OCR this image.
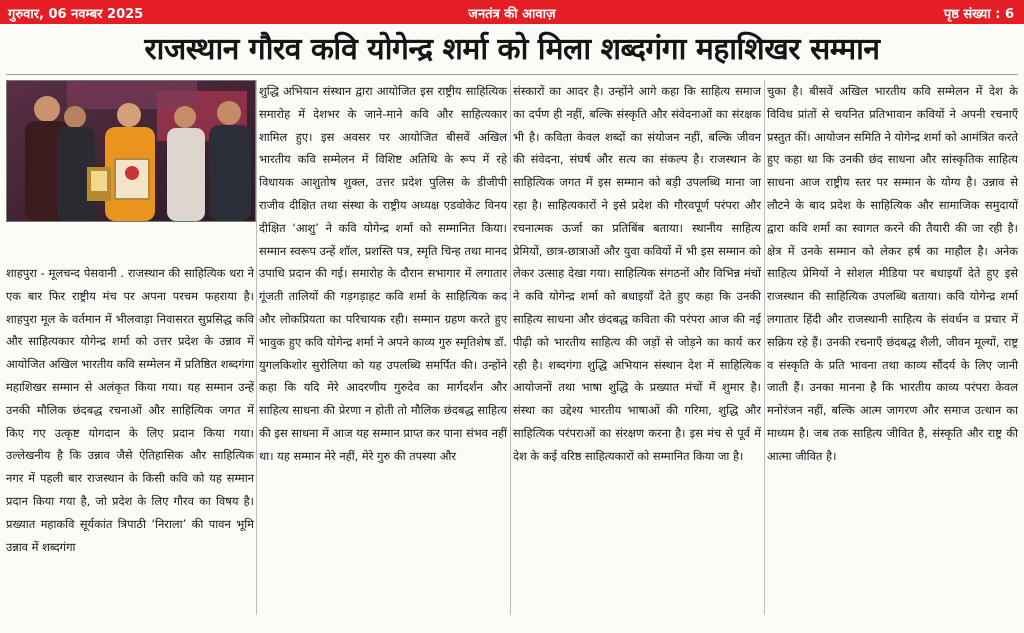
जनतंत्र की आवाज़
गुरुवार, 06 नवम्बर 2025	पृष्ठ संख्या : 6
राजस्थान गौरव कवि योगेन्द्र शर्मा को मिला शब्दगंगा महाशिखर सम्मान
शाहपुरा - मूलचन्द पेसवानी . राजस्थान की साहित्यिक धरा ने एक बार फिर राष्ट्रीय मंच पर अपना परचम फहराया है। शाहपुरा मूल के वर्तमान में भीलवाड़ा निवासरत सुप्रसिद्ध कवि और साहित्यकार योगेन्द्र शर्मा को उत्तर प्रदेश के उन्नाव में आयोजित अखिल भारतीय कवि सम्मेलन में प्रतिष्ठित शब्दगंगा महाशिखर सम्मान से अलंकृत किया गया। यह सम्मान उन्हें उनकी मौलिक छंदबद्ध रचनाओं और साहित्यिक जगत में किए गए उत्कृष्ट योगदान के लिए प्रदान किया गया। उल्लेखनीय है कि उन्नाव जैसे ऐतिहासिक और साहित्यिक नगर में पहली बार राजस्थान के किसी कवि को यह सम्मान प्रदान किया गया है, जो प्रदेश के लिए गौरव का विषय है। प्रख्यात महाकवि सूर्यकांत त्रिपाठी ‘निराला’ की पावन भूमि उन्नाव में शब्दगंगा
शुद्धि अभियान संस्थान द्वारा आयोजित इस राष्ट्रीय साहित्यिक समारोह में देशभर के जाने-माने कवि और साहित्यकार शामिल हुए। इस अवसर पर आयोजित बीसवें अखिल भारतीय कवि सम्मेलन में विशिष्ट अतिथि के रूप में रहे विधायक आशुतोष शुक्ल, उत्तर प्रदेश पुलिस के डीजीपी राजीव दीक्षित तथा संस्था के राष्ट्रीय अध्यक्ष एडवोकेट विनय दीक्षित ‘आशु’ ने कवि योगेन्द्र शर्मा को सम्मानित किया। सम्मान स्वरूप उन्हें शॉल, प्रशस्ति पत्र, स्मृति चिन्ह तथा मानद उपाधि प्रदान की गई। समारोह के दौरान सभागार में लगातार गूंजती तालियों की गड़गड़ाहट कवि शर्मा के साहित्यिक कद और लोकप्रियता का परिचायक रही। सम्मान ग्रहण करते हुए भावुक हुए कवि योगेन्द्र शर्मा ने अपने काव्य गुरु स्मृतिशेष डॉ. युगलकिशोर सुरोलिया को यह उपलब्धि समर्पित की। उन्होंने कहा कि यदि मेरे आदरणीय गुरुदेव का मार्गदर्शन और साहित्य साधना की प्रेरणा न होती तो मौलिक छंदबद्ध साहित्य की इस साधना में आज यह सम्मान प्राप्त कर पाना संभव नहीं था। यह सम्मान मेरे नहीं, मेरे गुरु की तपस्या और
संस्कारों का आदर है। उन्होंने आगे कहा कि साहित्य समाज का दर्पण ही नहीं, बल्कि संस्कृति और संवेदनाओं का संरक्षक भी है। कविता केवल शब्दों का संयोजन नहीं, बल्कि जीवन की संवेदना, संघर्ष और सत्य का संकल्प है। राजस्थान के साहित्यिक जगत में इस सम्मान को बड़ी उपलब्धि माना जा रहा है। साहित्यकारों ने इसे प्रदेश की गौरवपूर्ण परंपरा और रचनात्मक ऊर्जा का प्रतिबिंब बताया। स्थानीय साहित्य प्रेमियों, छात्र-छात्राओं और युवा कवियों में भी इस सम्मान को लेकर उत्साह देखा गया। साहित्यिक संगठनों और विभिन्न मंचों ने कवि योगेन्द्र शर्मा को बधाइयाँ देते हुए कहा कि उनकी साहित्य साधना और छंदबद्ध कविता की परंपरा आज की नई पीढ़ी को भारतीय साहित्य की जड़ों से जोड़ने का कार्य कर रही है। शब्दगंगा शुद्धि अभियान संस्थान देश में साहित्यिक आयोजनों तथा भाषा शुद्धि के प्रख्यात मंचों में शुमार है। संस्था का उद्देश्य भारतीय भाषाओं की गरिमा, शुद्धि और साहित्यिक परंपराओं का संरक्षण करना है। इस मंच से पूर्व में देश के कई वरिष्ठ साहित्यकारों को सम्मानित किया जा है।
चुका है। बीसवें अखिल भारतीय कवि सम्मेलन में देश के विविध प्रांतों से चयनित प्रतिभावान कवियों ने अपनी रचनाएँ प्रस्तुत कीं। आयोजन समिति ने योगेन्द्र शर्मा को आमंत्रित करते हुए कहा था कि उनकी छंद साधना और सांस्कृतिक साहित्य साधना आज राष्ट्रीय स्तर पर सम्मान के योग्य है। उन्नाव से लौटने के बाद प्रदेश के साहित्यिक और सामाजिक समुदायों द्वारा कवि शर्मा का स्वागत करने की तैयारी की जा रही है। क्षेत्र में उनके सम्मान को लेकर हर्ष का माहौल है। अनेक साहित्य प्रेमियों ने सोशल मीडिया पर बधाइयाँ देते हुए इसे राजस्थान की साहित्यिक उपलब्धि बताया। कवि योगेन्द्र शर्मा लगातार हिंदी और राजस्थानी साहित्य के संवर्धन व प्रचार में सक्रिय रहे हैं। उनकी रचनाएँ छंदबद्ध शैली, जीवन मूल्यों, राष्ट्र व संस्कृति के प्रति भावना तथा काव्य सौंदर्य के लिए जानी जाती हैं। उनका मानना है कि भारतीय काव्य परंपरा केवल मनोरंजन नहीं, बल्कि आत्म जागरण और समाज उत्थान का माध्यम है। जब तक साहित्य जीवित है, संस्कृति और राष्ट्र की आत्मा जीवित है।
